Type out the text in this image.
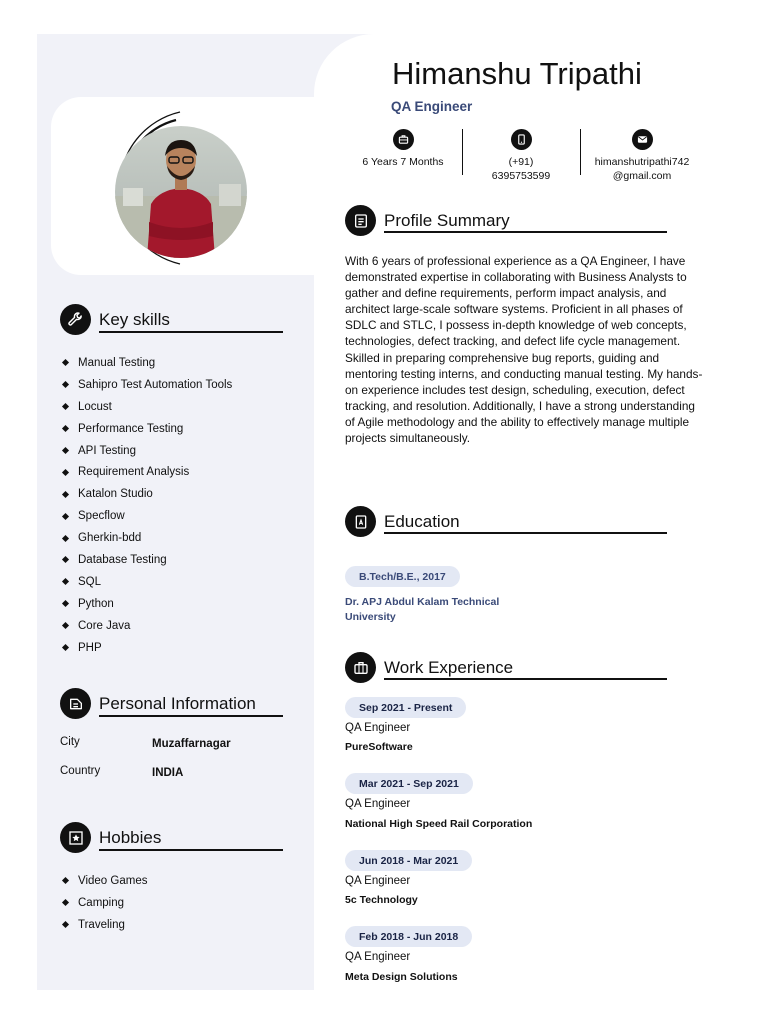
Key skills
Manual Testing
Sahipro Test Automation Tools
Locust
Performance Testing
API Testing
Requirement Analysis
Katalon Studio
Specflow
Gherkin-bdd
Database Testing
SQL
Python
Core Java
PHP
Personal Information
City	Muzaffarnagar
Country	INDIA
Hobbies
Video Games
Camping
Traveling
Himanshu Tripathi
QA Engineer
6 Years 7 Months	(+91)
6395753599
himanshutripathi742
@gmail.com
Profile Summary
With 6 years of professional experience as a QA Engineer, I have demonstrated expertise in collaborating with Business Analysts to gather and define requirements, perform impact analysis, and architect large-scale software systems. Proficient in all phases of SDLC and STLC, I possess in-depth knowledge of web concepts, technologies, defect tracking, and defect life cycle management. Skilled in preparing comprehensive bug reports, guiding and mentoring testing interns, and conducting manual testing. My hands-on experience includes test design, scheduling, execution, defect tracking, and resolution. Additionally, I have a strong understanding of Agile methodology and the ability to effectively manage multiple projects simultaneously.
Education
B.Tech/B.E., 2017
Dr. APJ Abdul Kalam Technical University
Work Experience
Sep 2021 - Present
QA Engineer
PureSoftware
Mar 2021 - Sep 2021
QA Engineer
National High Speed Rail Corporation
Jun 2018 - Mar 2021
QA Engineer
5c Technology
Feb 2018 - Jun 2018
QA Engineer
Meta Design Solutions
